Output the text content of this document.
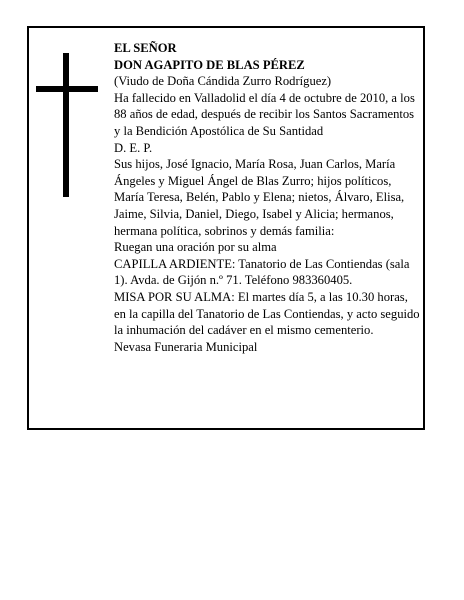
EL SEÑOR

DON AGAPITO DE BLAS PÉREZ

(Viudo de Doña Cándida Zurro Rodríguez)

Ha fallecido en Valladolid el día 4 de octubre de 2010, a los 88 años de edad, después de recibir los Santos Sacramentos y la Bendición Apostólica de Su Santidad

D. E. P.

Sus hijos, José Ignacio, María Rosa, Juan Carlos, María Ángeles y Miguel Ángel de Blas Zurro; hijos políticos, María Teresa, Belén, Pablo y Elena; nietos, Álvaro, Elisa, Jaime, Silvia, Daniel, Diego, Isabel y Alicia; hermanos, hermana política, sobrinos y demás familia:

Ruegan una oración por su alma

CAPILLA ARDIENTE: Tanatorio de Las Contiendas (sala 1). Avda. de Gijón n.º 71. Teléfono 983360405.

MISA POR SU ALMA: El martes día 5, a las 10.30 horas, en la capilla del Tanatorio de Las Contiendas, y acto seguido la inhumación del cadáver en el mismo cementerio.

Nevasa Funeraria Municipal
